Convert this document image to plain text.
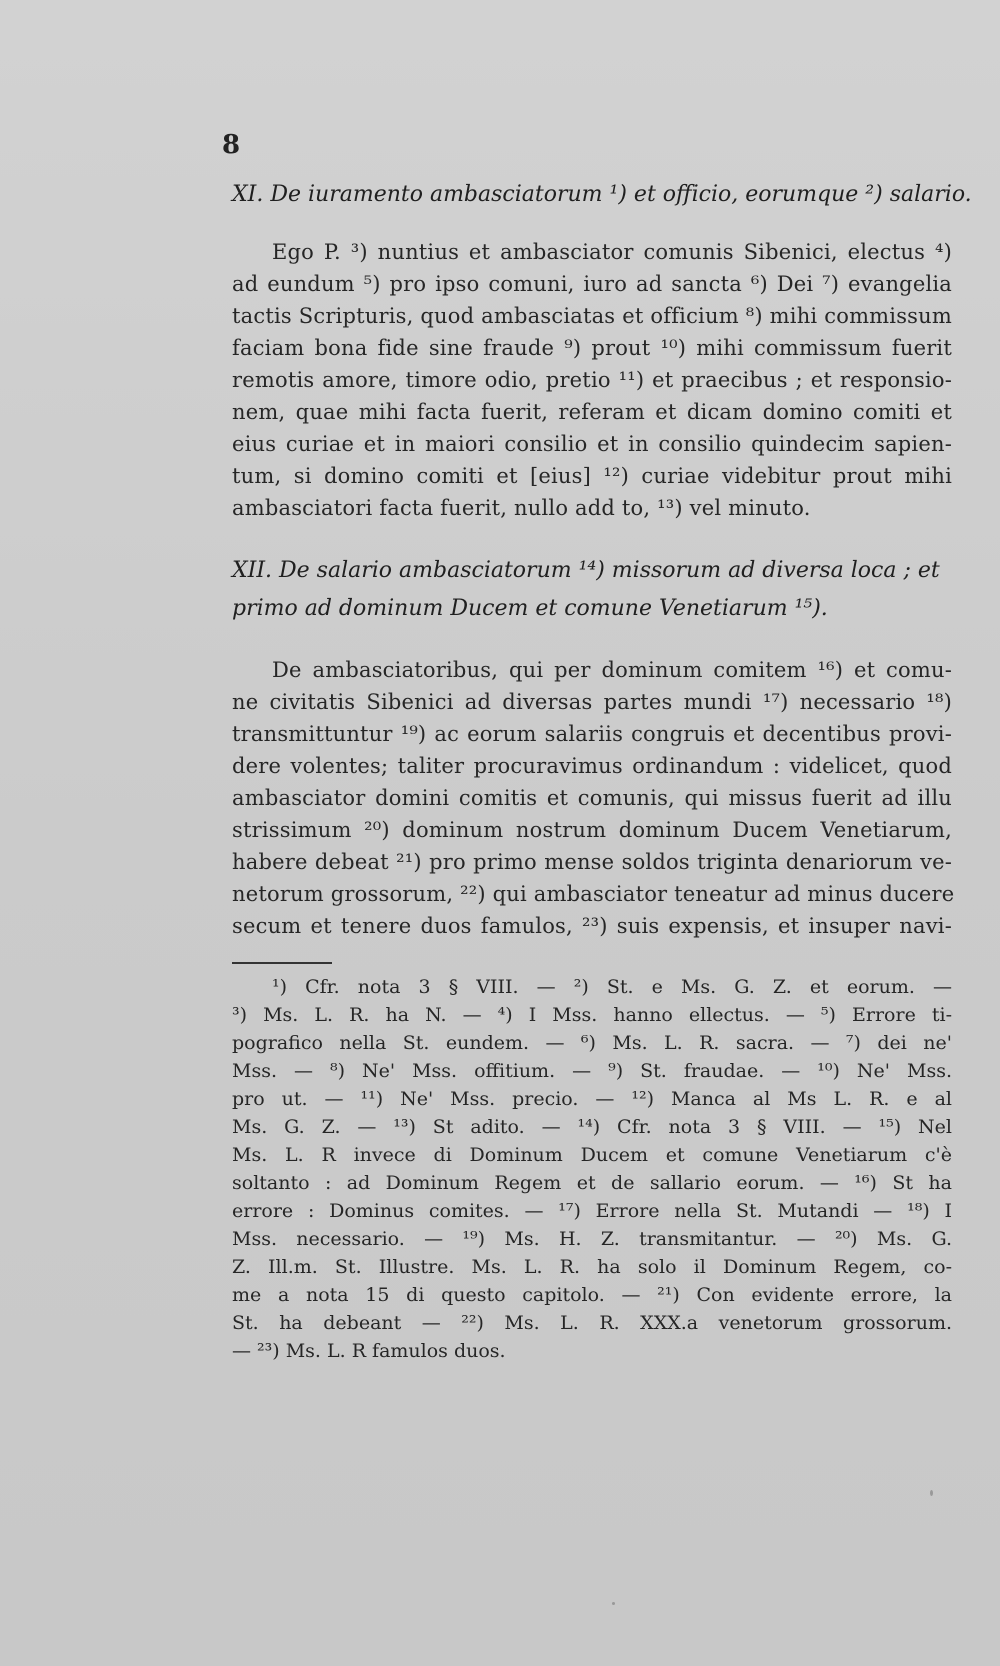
8
XI. De iuramento ambasciatorum ¹) et officio, eorumque ²) salario.
Ego P. ³) nuntius et ambasciator comunis Sibenici, electus ⁴)
ad eundum ⁵) pro ipso comuni, iuro ad sancta ⁶) Dei ⁷) evangelia
tactis Scripturis, quod ambasciatas et officium ⁸) mihi commissum
faciam bona fide sine fraude ⁹) prout ¹⁰) mihi commissum fuerit
remotis amore, timore odio, pretio ¹¹) et praecibus ; et responsio-
nem, quae mihi facta fuerit, referam et dicam domino comiti et
eius curiae et in maiori consilio et in consilio quindecim sapien-
tum, si domino comiti et [eius] ¹²) curiae videbitur prout mihi
ambasciatori facta fuerit, nullo add to, ¹³) vel minuto.
XII. De salario ambasciatorum ¹⁴) missorum ad diversa loca ; et
primo ad dominum Ducem et comune Venetiarum ¹⁵).
De ambasciatoribus, qui per dominum comitem ¹⁶) et comu-
ne civitatis Sibenici ad diversas partes mundi ¹⁷) necessario ¹⁸)
transmittuntur ¹⁹) ac eorum salariis congruis et decentibus provi-
dere volentes; taliter procuravimus ordinandum : videlicet, quod
ambasciator domini comitis et comunis, qui missus fuerit ad illu
strissimum ²⁰) dominum nostrum dominum Ducem Venetiarum,
habere debeat ²¹) pro primo mense soldos triginta denariorum ve-
netorum grossorum, ²²) qui ambasciator teneatur ad minus ducere
secum et tenere duos famulos, ²³) suis expensis, et insuper navi-
¹) Cfr. nota 3 § VIII. — ²) St. e Ms. G. Z. et eorum. —
³) Ms. L. R. ha N. — ⁴) I Mss. hanno ellectus. — ⁵) Errore ti-
pografico nella St. eundem. — ⁶) Ms. L. R. sacra. — ⁷) dei ne'
Mss. — ⁸) Ne' Mss. offitium. — ⁹) St. fraudae. — ¹⁰) Ne' Mss.
pro ut. — ¹¹) Ne' Mss. precio. — ¹²) Manca al Ms L. R. e al
Ms. G. Z. — ¹³) St adito. — ¹⁴) Cfr. nota 3 § VIII. — ¹⁵) Nel
Ms. L. R invece di Dominum Ducem et comune Venetiarum c'è
soltanto : ad Dominum Regem et de sallario eorum. — ¹⁶) St ha
errore : Dominus comites. — ¹⁷) Errore nella St. Mutandi — ¹⁸) I
Mss. necessario. — ¹⁹) Ms. H. Z. transmitantur. — ²⁰) Ms. G.
Z. Ill.m. St. Illustre. Ms. L. R. ha solo il Dominum Regem, co-
me a nota 15 di questo capitolo. — ²¹) Con evidente errore, la
St. ha debeant — ²²) Ms. L. R. XXX.a venetorum grossorum.
— ²³) Ms. L. R famulos duos.
